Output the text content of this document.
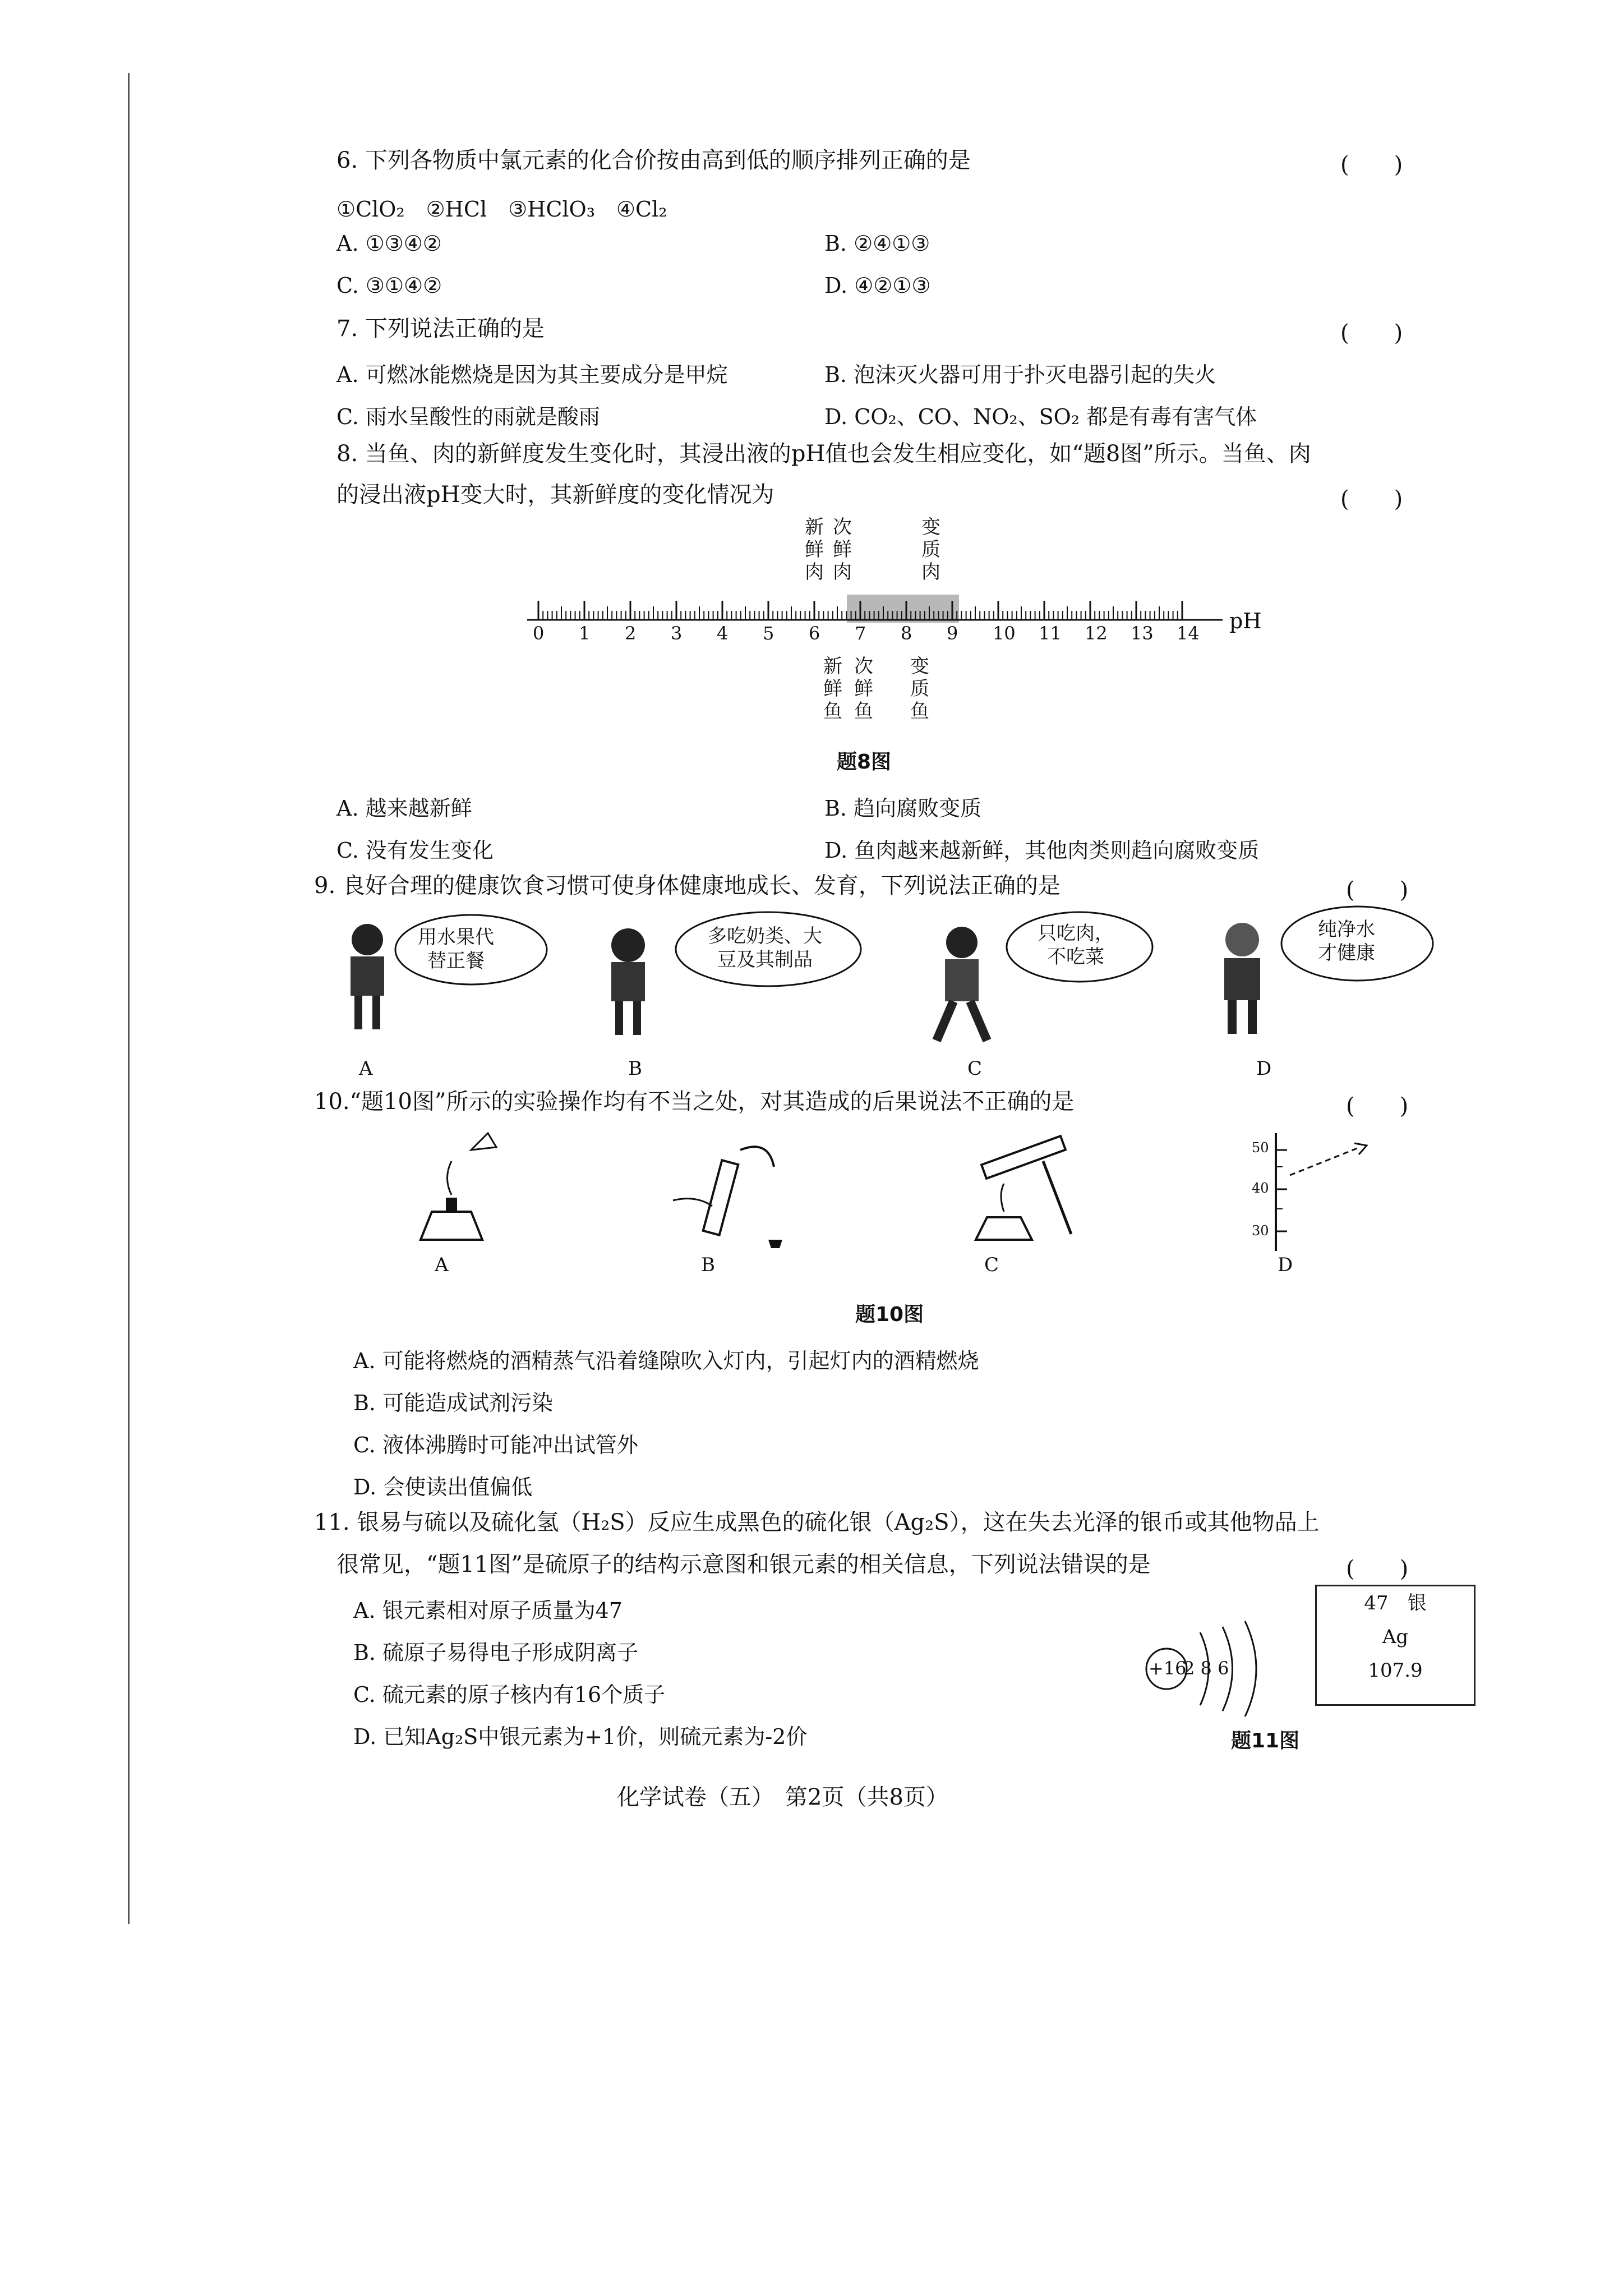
6. 下列各物质中氯元素的化合价按由高到低的顺序排列正确的是	(　　)
①ClO₂　②HCl　③HClO₃　④Cl₂
A. ①③④②	B. ②④①③
C. ③①④②	D. ④②①③
7. 下列说法正确的是	(　　)
A. 可燃冰能燃烧是因为其主要成分是甲烷	B. 泡沫灭火器可用于扑灭电器引起的失火
C. 雨水呈酸性的雨就是酸雨	D. CO₂、CO、NO₂、SO₂ 都是有毒有害气体
8. 当鱼、肉的新鲜度发生变化时，其浸出液的pH值也会发生相应变化，如“题8图”所示。当鱼、肉
的浸出液pH变大时，其新鲜度的变化情况为	(　　)
新鲜肉
次鲜肉
变质肉
0 1 2 3 4 5 6 7 8 9 10 11 12 13 14 pH
新鲜鱼
次鲜鱼
变质鱼
题8图
A. 越来越新鲜	B. 趋向腐败变质
C. 没有发生变化	D. 鱼肉越来越新鲜，其他肉类则趋向腐败变质
9. 良好合理的健康饮食习惯可使身体健康地成长、发育，下列说法正确的是	(　　)
用水果代
替正餐
A
多吃奶类、大
豆及其制品
B
只吃肉，
不吃菜
C
纯净水
才健康
D
10.“题10图”所示的实验操作均有不当之处，对其造成的后果说法不正确的是	(　　)
A	B	C
50
40
30
D
题10图
A. 可能将燃烧的酒精蒸气沿着缝隙吹入灯内，引起灯内的酒精燃烧
B. 可能造成试剂污染
C. 液体沸腾时可能冲出试管外
D. 会使读出值偏低
11. 银易与硫以及硫化氢（H₂S）反应生成黑色的硫化银（Ag₂S），这在失去光泽的银币或其他物品上
很常见，“题11图”是硫原子的结构示意图和银元素的相关信息，下列说法错误的是	(　　)
A. 银元素相对原子质量为47
B. 硫原子易得电子形成阴离子
C. 硫元素的原子核内有16个质子
D. 已知Ag₂S中银元素为+1价，则硫元素为-2价
+16
2 8 6
47　 银
Ag
107.9
题11图
化学试卷（五）　第2页（共8页）
